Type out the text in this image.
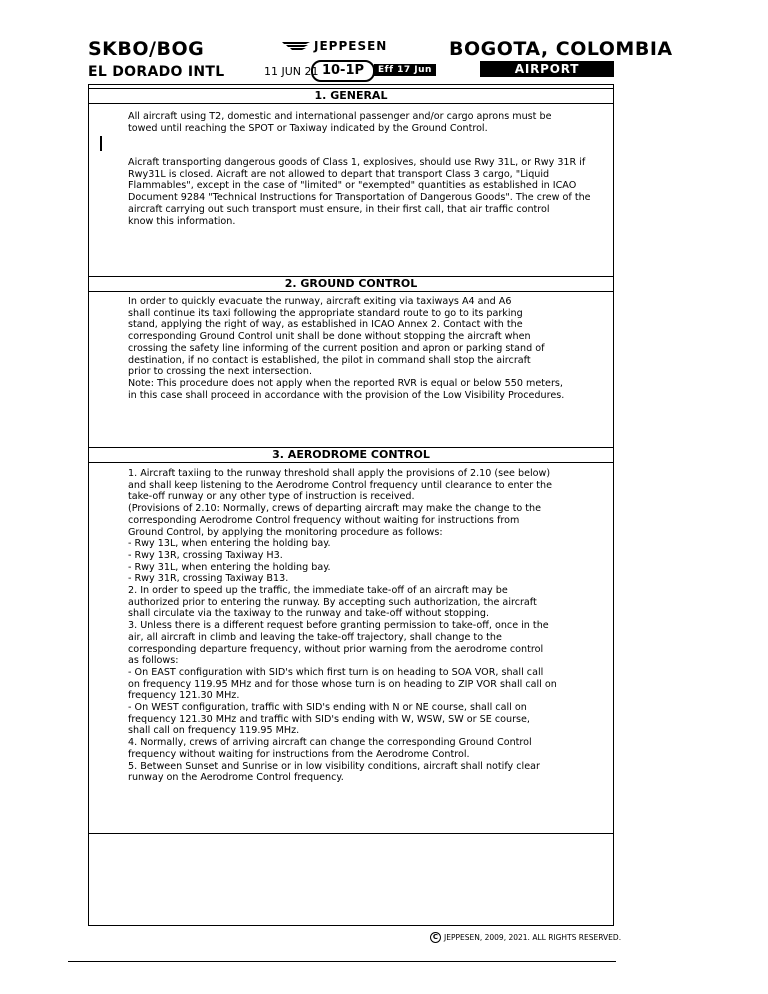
SKBO/BOG
EL DORADO INTL
JEPPESEN	BOGOTA, COLOMBIA
11 JUN 21 10-1P	Eff 17 Jun	AIRPORT BRIEFING
1. GENERAL
All aircraft using T2, domestic and international passenger and/or cargo aprons must be
towed until reaching the SPOT or Taxiway indicated by the Ground Control.
Aicraft transporting dangerous goods of Class 1, explosives, should use Rwy 31L, or Rwy 31R if
Rwy31L is closed. Aicraft are not allowed to depart that transport Class 3 cargo, "Liquid
Flammables", except in the case of "limited" or "exempted" quantities as established in ICAO
Document 9284 "Technical Instructions for Transportation of Dangerous Goods". The crew of the
aircraft carrying out such transport must ensure, in their first call, that air traffic control
know this information.
2. GROUND CONTROL
In order to quickly evacuate the runway, aircraft exiting via taxiways A4 and A6
shall continue its taxi following the appropriate standard route to go to its parking
stand, applying the right of way, as established in ICAO Annex 2. Contact with the
corresponding Ground Control unit shall be done without stopping the aircraft when
crossing the safety line informing of the current position and apron or parking stand of
destination, if no contact is established, the pilot in command shall stop the aircraft
prior to crossing the next intersection.
Note: This procedure does not apply when the reported RVR is equal or below 550 meters,
in this case shall proceed in accordance with the provision of the Low Visibility Procedures.
3. AERODROME CONTROL
1. Aircraft taxiing to the runway threshold shall apply the provisions of 2.10 (see below)
and shall keep listening to the Aerodrome Control frequency until clearance to enter the
take-off runway or any other type of instruction is received.
(Provisions of 2.10: Normally, crews of departing aircraft may make the change to the
corresponding Aerodrome Control frequency without waiting for instructions from
Ground Control, by applying the monitoring procedure as follows:
- Rwy 13L, when entering the holding bay.
- Rwy 13R, crossing Taxiway H3.
- Rwy 31L, when entering the holding bay.
- Rwy 31R, crossing Taxiway B13.
2. In order to speed up the traffic, the immediate take-off of an aircraft may be
authorized prior to entering the runway. By accepting such authorization, the aircraft
shall circulate via the taxiway to the runway and take-off without stopping.
3. Unless there is a different request before granting permission to take-off, once in the
air, all aircraft in climb and leaving the take-off trajectory, shall change to the
corresponding departure frequency, without prior warning from the aerodrome control
as follows:
- On EAST configuration with SID's which first turn is on heading to SOA VOR, shall call
on frequency 119.95 MHz and for those whose turn is on heading to ZIP VOR shall call on
frequency 121.30 MHz.
- On WEST configuration, traffic with SID's ending with N or NE course, shall call on
frequency 121.30 MHz and traffic with SID's ending with W, WSW, SW or SE course,
shall call on frequency 119.95 MHz.
4. Normally, crews of arriving aircraft can change the corresponding Ground Control
frequency without waiting for instructions from the Aerodrome Control.
5. Between Sunset and Sunrise or in low visibility conditions, aircraft shall notify clear
runway on the Aerodrome Control frequency.
C JEPPESEN, 2009, 2021. ALL RIGHTS RESERVED.
